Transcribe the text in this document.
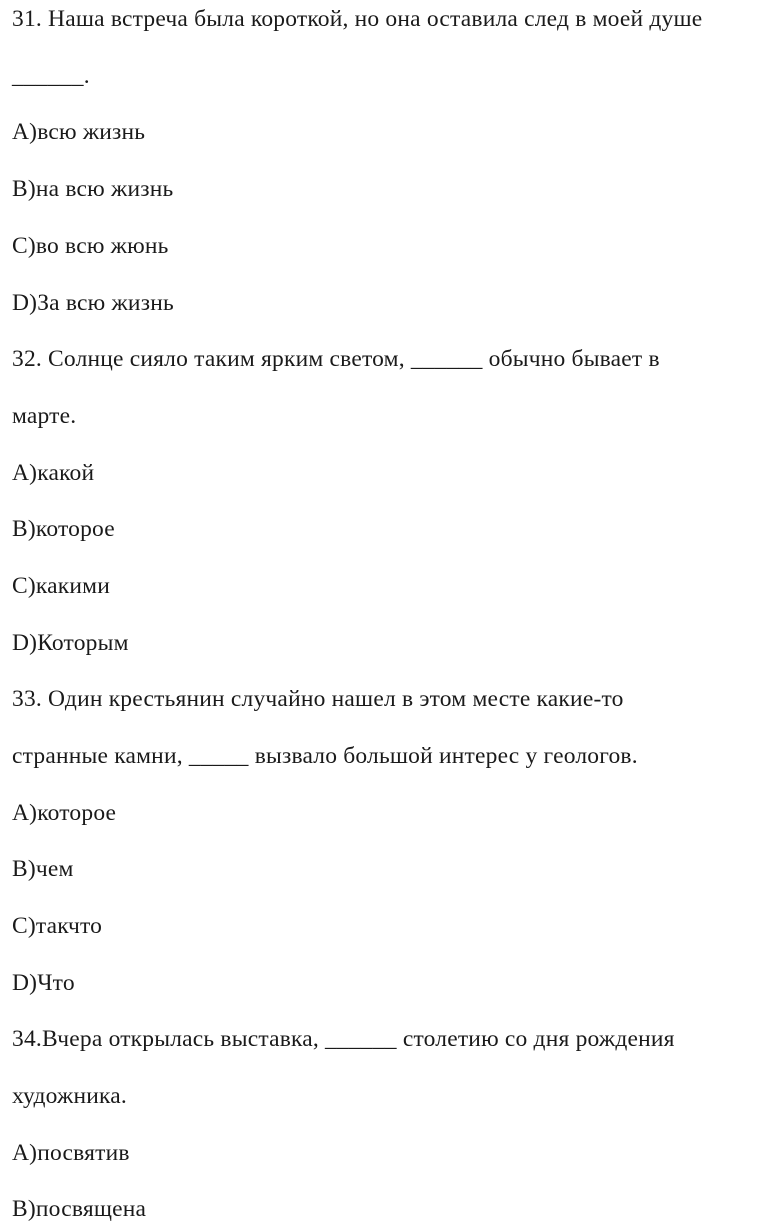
31. Наша встреча была короткой, но она оставила след в моей душе
______.
A)всю жизнь
B)на всю жизнь
C)во всю жюнь
D)За всю жизнь
32. Солнце сияло таким ярким светом, ______ обычно бывает в
марте.
A)какой
B)которое
C)какими
D)Которым
33. Один крестьянин случайно нашел в этом месте какие-то
странные камни, _____ вызвало большой интерес у геологов.
A)которое
B)чем
C)такчто
D)Что
34.Вчера открылась выставка, ______ столетию со дня рождения
художника.
A)посвятив
B)посвящена
